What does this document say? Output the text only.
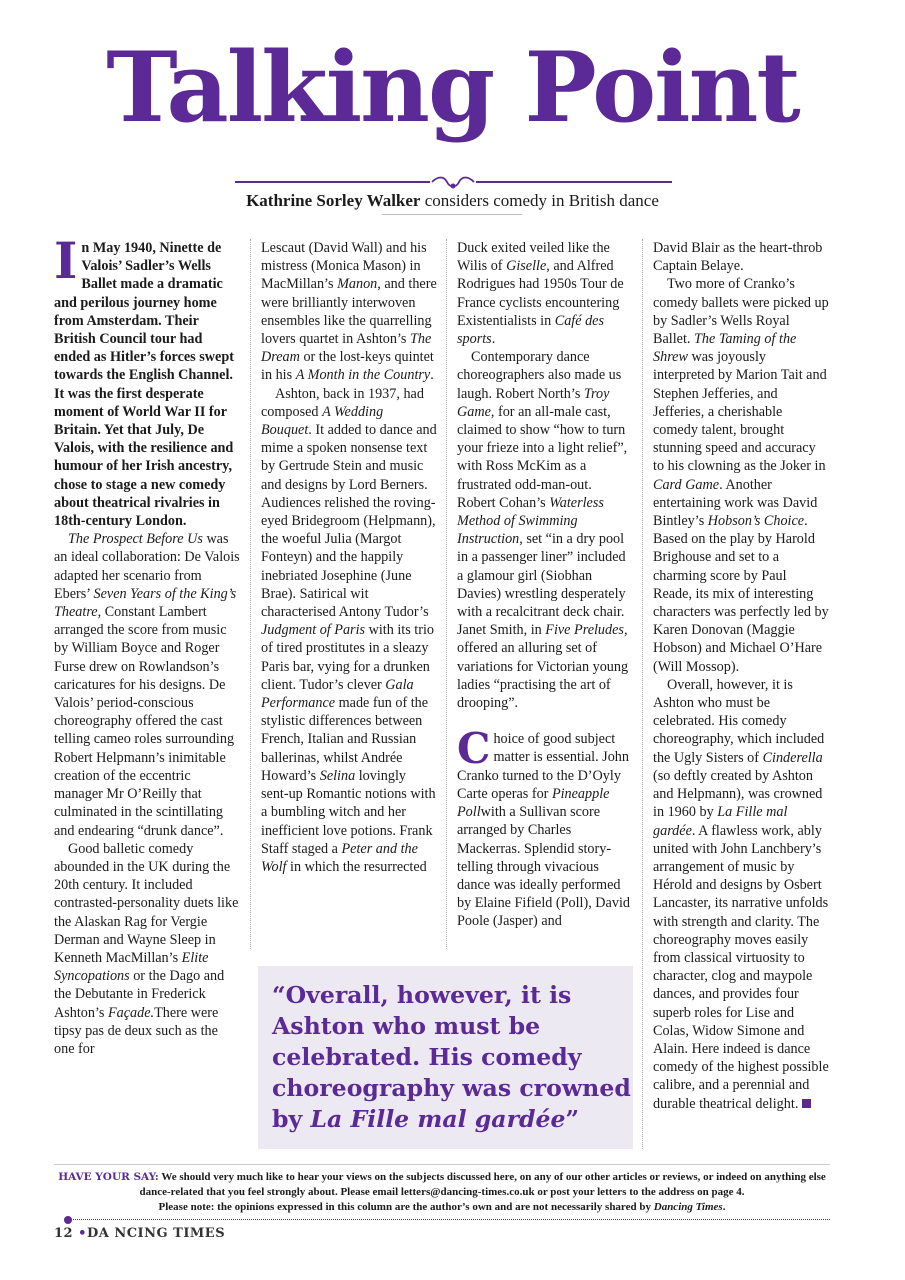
Talking Point
Kathrine Sorley Walker considers comedy in British dance

In May 1940, Ninette de Valois’ Sadler’s Wells Ballet made a dramatic and perilous journey home from Amsterdam. Their British Council tour had ended as Hitler’s forces swept towards the English Channel. It was the first desperate moment of World War II for Britain. Yet that July, De Valois, with the resilience and humour of her Irish ancestry, chose to stage a new comedy about theatrical rivalries in 18th-century London.

The Prospect Before Us was an ideal collaboration: De Valois adapted her scenario from Ebers’ Seven Years of the King’s Theatre, Constant Lambert arranged the score from music by William Boyce and Roger Furse drew on Rowlandson’s caricatures for his designs. De Valois’ period-conscious choreography offered the cast telling cameo roles surrounding Robert Helpmann’s inimitable creation of the eccentric manager Mr O’Reilly that culminated in the scintillating and endearing “drunk dance”.

Good balletic comedy abounded in the UK during the 20th century. It included contrasted-personality duets like the Alaskan Rag for Vergie Derman and Wayne Sleep in Kenneth MacMillan’s Elite Syncopations or the Dago and the Debutante in Frederick Ashton’s Façade.There were tipsy pas de deux such as the one for

Lescaut (David Wall) and his mistress (Monica Mason) in MacMillan’s Manon, and there were brilliantly interwoven ensembles like the quarrelling lovers quartet in Ashton’s The Dream or the lost-keys quintet in his A Month in the Country.

Ashton, back in 1937, had composed A Wedding Bouquet. It added to dance and mime a spoken nonsense text by Gertrude Stein and music and designs by Lord Berners. Audiences relished the roving-eyed Bridegroom (Helpmann), the woeful Julia (Margot Fonteyn) and the happily inebriated Josephine (June Brae). Satirical wit characterised Antony Tudor’s Judgment of Paris with its trio of tired prostitutes in a sleazy Paris bar, vying for a drunken client. Tudor’s clever Gala Performance made fun of the stylistic differences between French, Italian and Russian ballerinas, whilst Andrée Howard’s Selina lovingly sent-up Romantic notions with a bumbling witch and her inefficient love potions. Frank Staff staged a Peter and the Wolf in which the resurrected

Duck exited veiled like the Wilis of Giselle, and Alfred Rodrigues had 1950s Tour de France cyclists encountering Existentialists in Café des sports.

Contemporary dance choreographers also made us laugh. Robert North’s Troy Game, for an all-male cast, claimed to show “how to turn your frieze into a light relief”, with Ross McKim as a frustrated odd-man-out. Robert Cohan’s Waterless Method of Swimming Instruction, set “in a dry pool in a passenger liner” included a glamour girl (Siobhan Davies) wrestling desperately with a recalcitrant deck chair. Janet Smith, in Five Preludes, offered an alluring set of variations for Victorian young ladies “practising the art of drooping”.

Choice of good subject matter is essential. John Cranko turned to the D’Oyly Carte operas for Pineapple Pollwith a Sullivan score arranged by Charles Mackerras. Splendid story-telling through vivacious dance was ideally performed by Elaine Fifield (Poll), David Poole (Jasper) and

David Blair as the heart-throb Captain Belaye.

Two more of Cranko’s comedy ballets were picked up by Sadler’s Wells Royal Ballet. The Taming of the Shrew was joyously interpreted by Marion Tait and Stephen Jefferies, and Jefferies, a cherishable comedy talent, brought stunning speed and accuracy to his clowning as the Joker in Card Game. Another entertaining work was David Bintley’s Hobson’s Choice. Based on the play by Harold Brighouse and set to a charming score by Paul Reade, its mix of interesting characters was perfectly led by Karen Donovan (Maggie Hobson) and Michael O’Hare (Will Mossop).

Overall, however, it is Ashton who must be celebrated. His comedy choreography, which included the Ugly Sisters of Cinderella (so deftly created by Ashton and Helpmann), was crowned in 1960 by La Fille mal gardée. A flawless work, ably united with John Lanchbery’s arrangement of music by Hérold and designs by Osbert Lancaster, its narrative unfolds with strength and clarity. The choreography moves easily from classical virtuosity to character, clog and maypole dances, and provides four superb roles for Lise and Colas, Widow Simone and Alain. Here indeed is dance comedy of the highest possible calibre, and a perennial and durable theatrical delight.

“Overall, however, it is Ashton who must be celebrated. His comedy choreography was crowned by La Fille mal gardée”

HAVE YOUR SAY: We should very much like to hear your views on the subjects discussed here, on any of our other articles or reviews, or indeed on anything else dance-related that you feel strongly about. Please email letters@dancing-times.co.uk or post your letters to the address on page 4.
Please note: the opinions expressed in this column are the author’s own and are not necessarily shared by Dancing Times.
12 •DA NCING TIMES
